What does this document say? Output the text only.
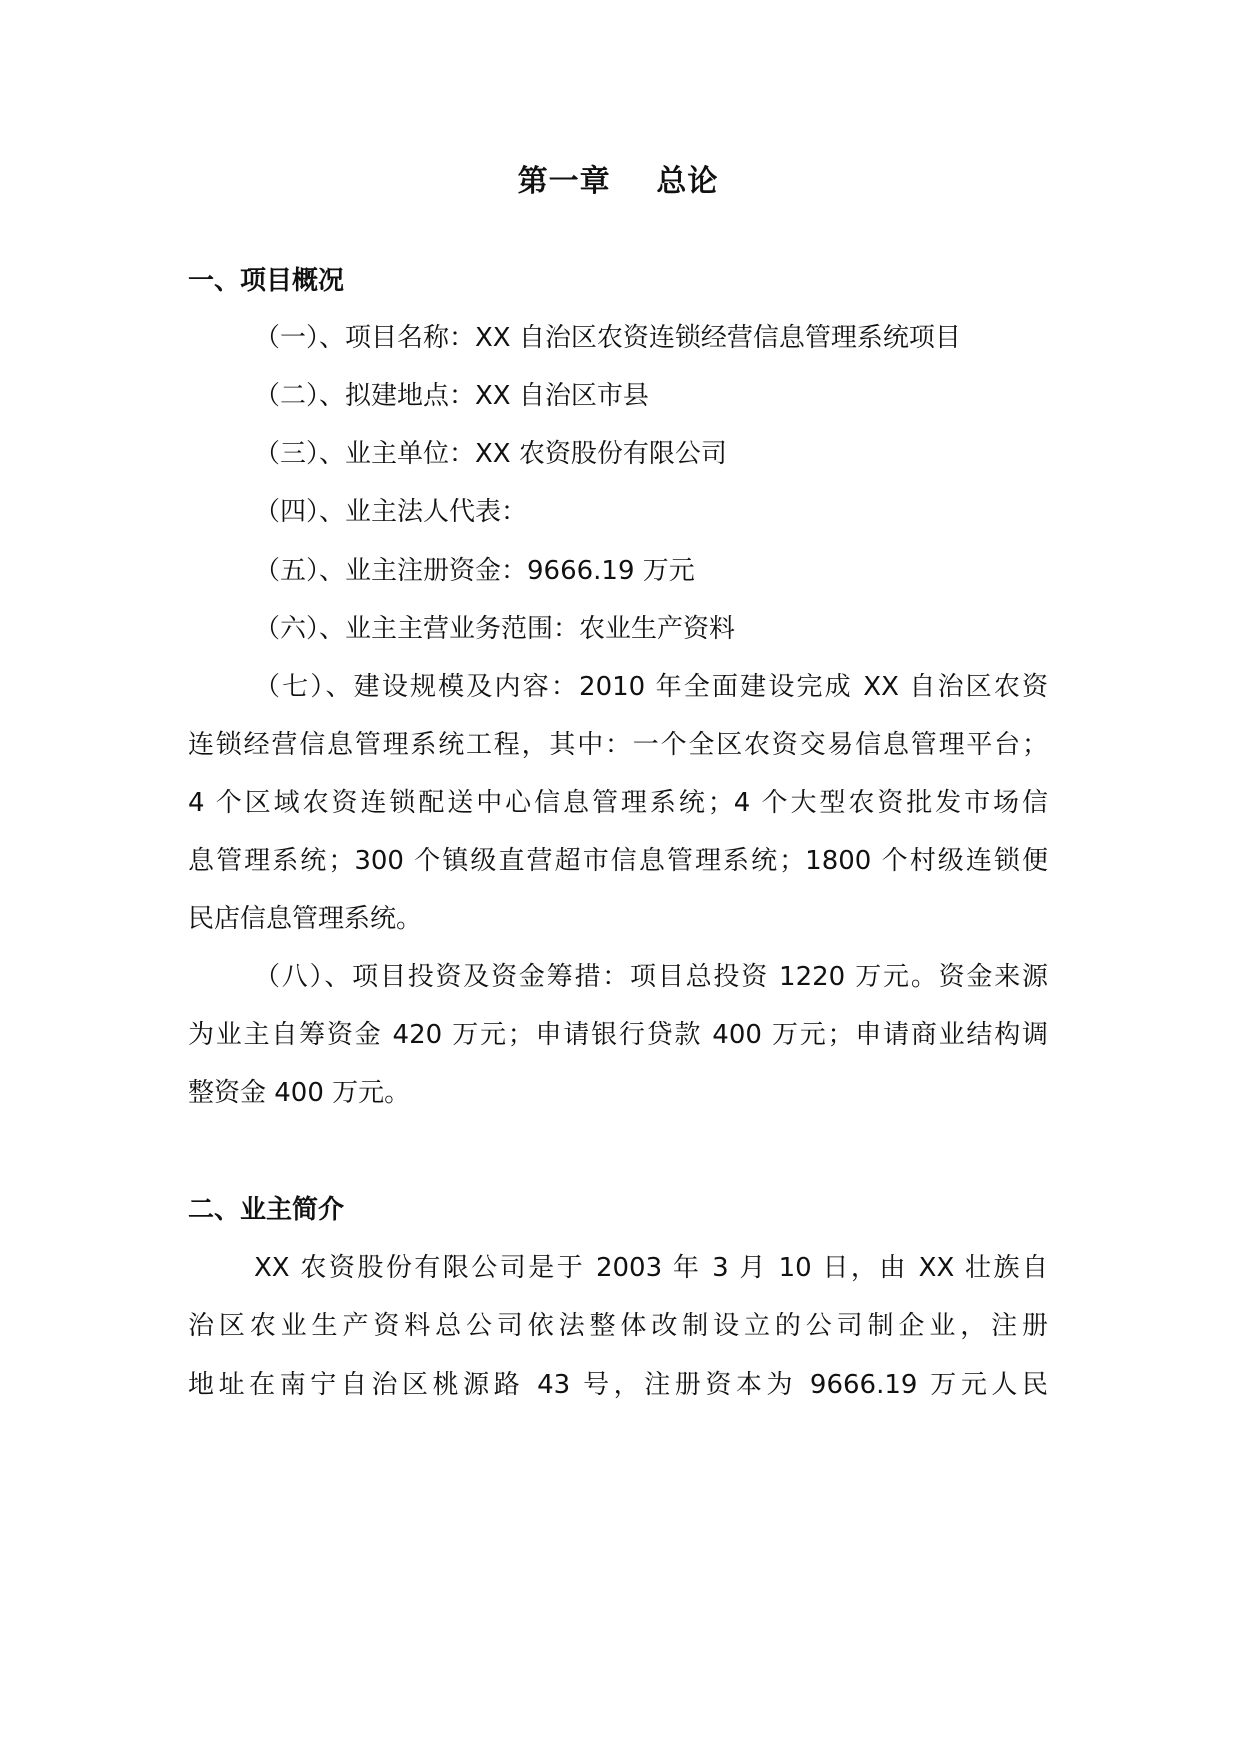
第一章    总论
一、项目概况
（一）、项目名称：XX 自治区农资连锁经营信息管理系统项目
（二）、拟建地点：XX 自治区市县
（三）、业主单位：XX 农资股份有限公司
（四）、业主法人代表：
（五）、业主注册资金：9666.19 万元
（六）、业主主营业务范围：农业生产资料
（七）、建设规模及内容：2010 年全面建设完成 XX 自治区农资
连锁经营信息管理系统工程，其中：一个全区农资交易信息管理平台；
4 个区域农资连锁配送中心信息管理系统；4 个大型农资批发市场信
息管理系统；300 个镇级直营超市信息管理系统；1800 个村级连锁便
民店信息管理系统。
（八）、项目投资及资金筹措：项目总投资 1220 万元。资金来源
为业主自筹资金 420 万元；申请银行贷款 400 万元；申请商业结构调
整资金 400 万元。
二、业主简介
XX 农资股份有限公司是于 2003 年 3 月 10 日，由 XX 壮族自
治区农业生产资料总公司依法整体改制设立的公司制企业，注册
地址在南宁自治区桃源路 43 号，注册资本为 9666.19 万元人民
